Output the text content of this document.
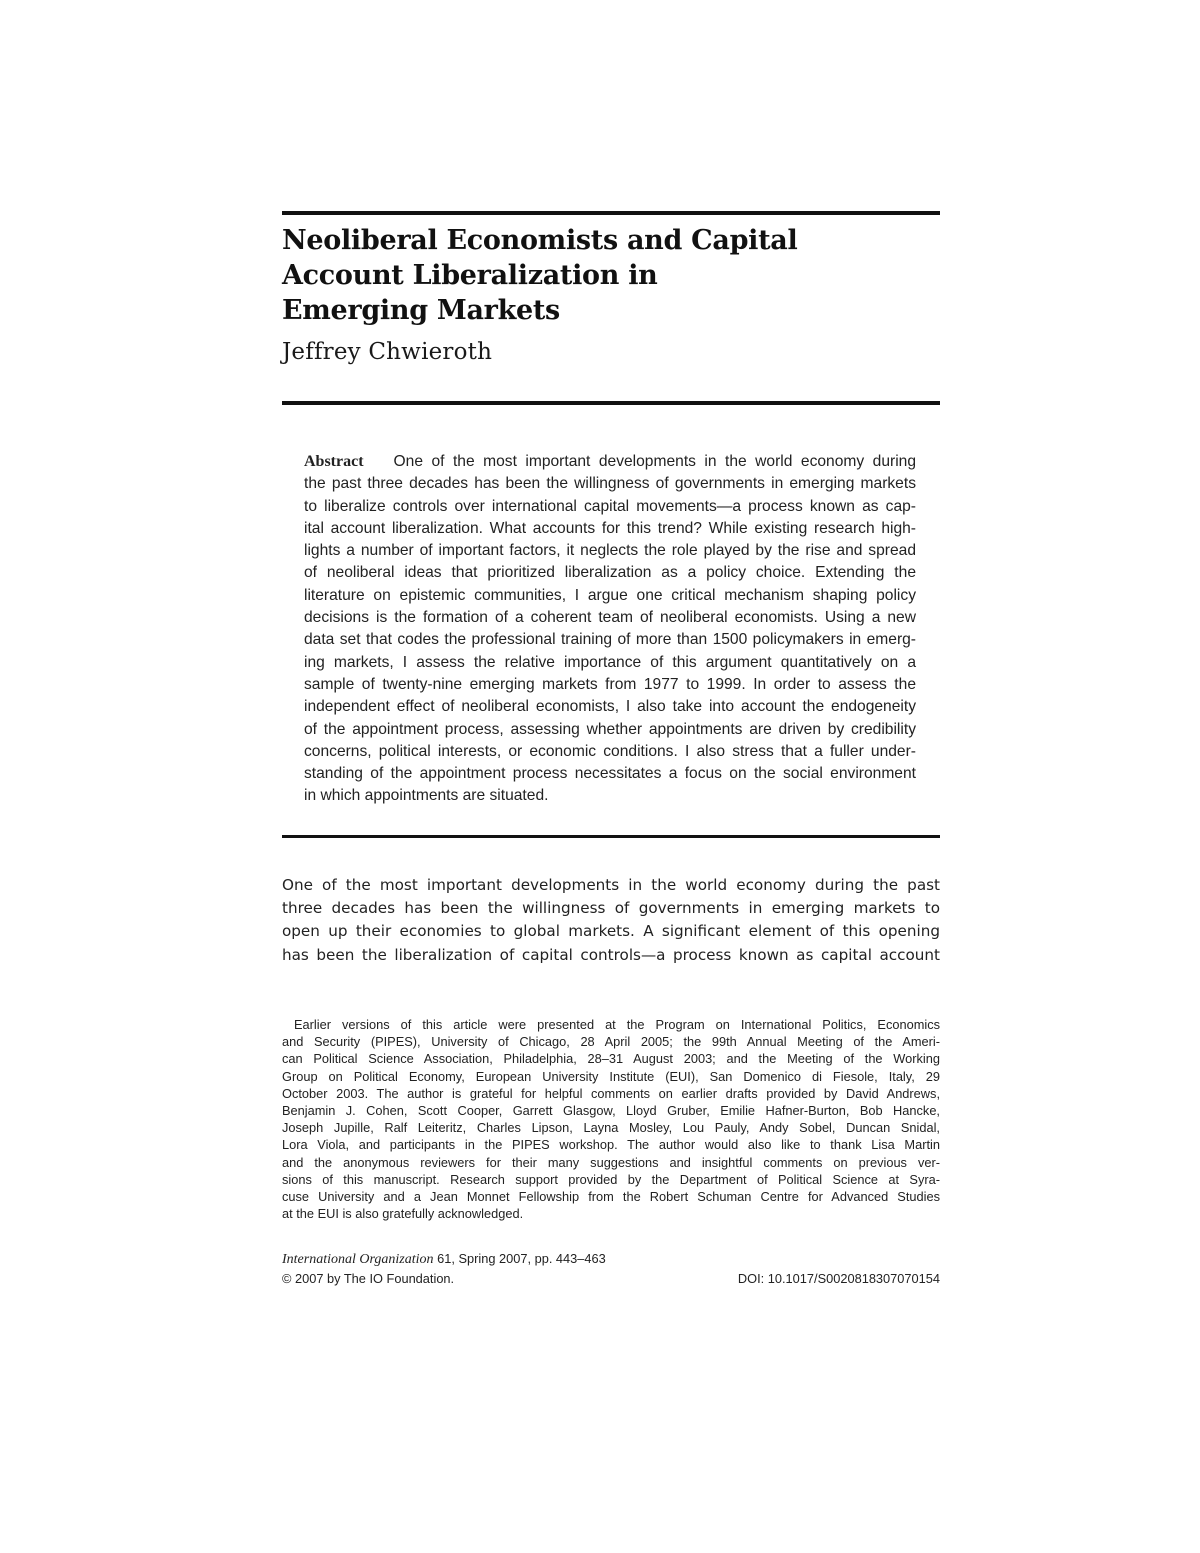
Neoliberal Economists and Capital
Account Liberalization in
Emerging Markets
Jeffrey Chwieroth
Abstract One of the most important developments in the world economy during
the past three decades has been the willingness of governments in emerging markets
to liberalize controls over international capital movements—a process known as cap-
ital account liberalization. What accounts for this trend? While existing research high-
lights a number of important factors, it neglects the role played by the rise and spread
of neoliberal ideas that prioritized liberalization as a policy choice. Extending the
literature on epistemic communities, I argue one critical mechanism shaping policy
decisions is the formation of a coherent team of neoliberal economists. Using a new
data set that codes the professional training of more than 1500 policymakers in emerg-
ing markets, I assess the relative importance of this argument quantitatively on a
sample of twenty-nine emerging markets from 1977 to 1999. In order to assess the
independent effect of neoliberal economists, I also take into account the endogeneity
of the appointment process, assessing whether appointments are driven by credibility
concerns, political interests, or economic conditions. I also stress that a fuller under-
standing of the appointment process necessitates a focus on the social environment
in which appointments are situated.
One of the most important developments in the world economy during the past
three decades has been the willingness of governments in emerging markets to
open up their economies to global markets. A significant element of this opening
has been the liberalization of capital controls—a process known as capital account
Earlier versions of this article were presented at the Program on International Politics, Economics
and Security (PIPES), University of Chicago, 28 April 2005; the 99th Annual Meeting of the Ameri-
can Political Science Association, Philadelphia, 28–31 August 2003; and the Meeting of the Working
Group on Political Economy, European University Institute (EUI), San Domenico di Fiesole, Italy, 29
October 2003. The author is grateful for helpful comments on earlier drafts provided by David Andrews,
Benjamin J. Cohen, Scott Cooper, Garrett Glasgow, Lloyd Gruber, Emilie Hafner-Burton, Bob Hancke,
Joseph Jupille, Ralf Leiteritz, Charles Lipson, Layna Mosley, Lou Pauly, Andy Sobel, Duncan Snidal,
Lora Viola, and participants in the PIPES workshop. The author would also like to thank Lisa Martin
and the anonymous reviewers for their many suggestions and insightful comments on previous ver-
sions of this manuscript. Research support provided by the Department of Political Science at Syra-
cuse University and a Jean Monnet Fellowship from the Robert Schuman Centre for Advanced Studies
at the EUI is also gratefully acknowledged.
International Organization 61, Spring 2007, pp. 443–463
© 2007 by The IO Foundation.	DOI: 10.1017/S0020818307070154
